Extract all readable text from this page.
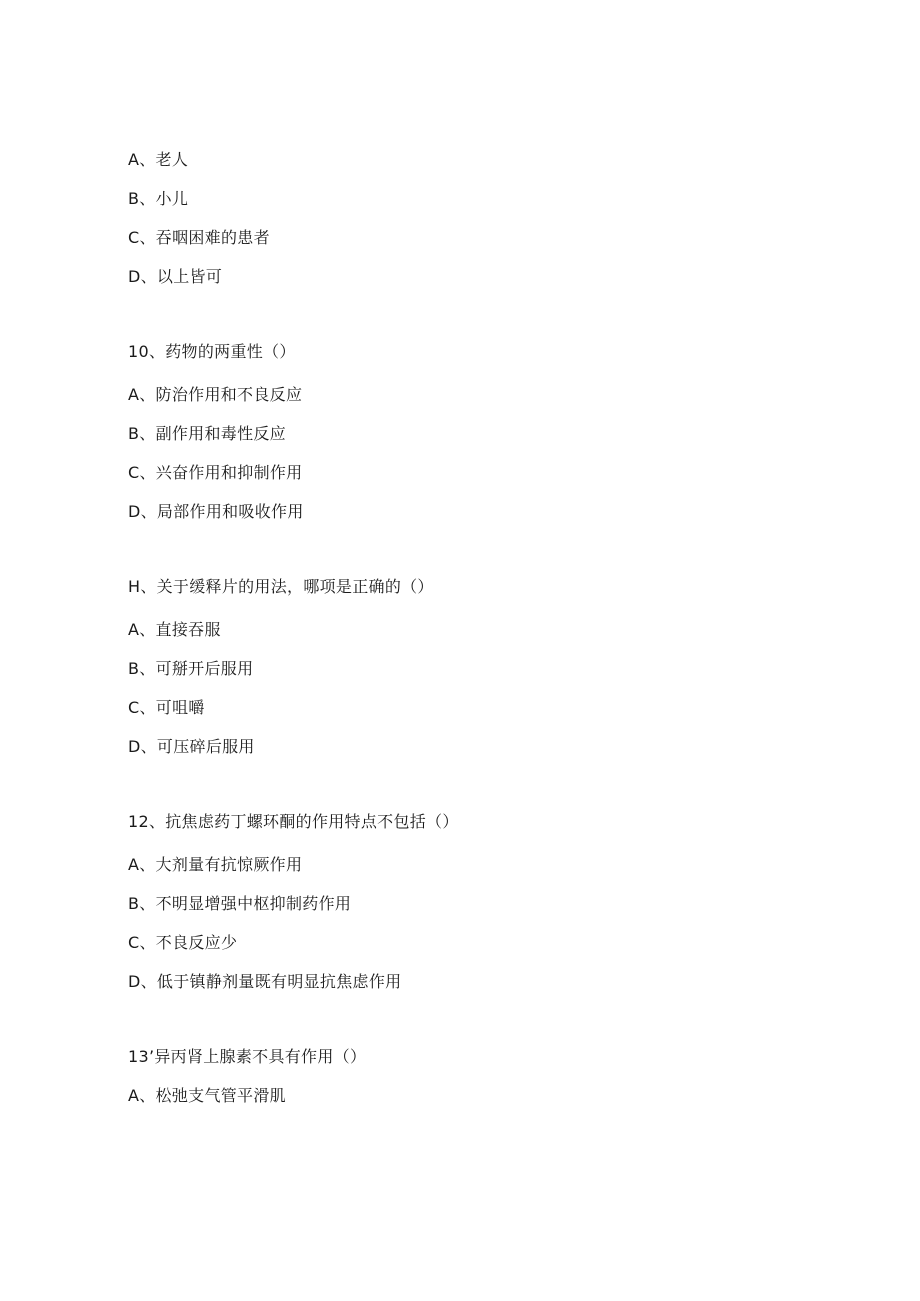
A、老人

B、小儿

C、吞咽困难的患者

D、以上皆可

10、药物的两重性（）

A、防治作用和不良反应

B、副作用和毒性反应

C、兴奋作用和抑制作用

D、局部作用和吸收作用

H、关于缓释片的用法，哪项是正确的（）

A、直接吞服

B、可掰开后服用

C、可咀嚼

D、可压碎后服用

12、抗焦虑药丁螺环酮的作用特点不包括（）

A、大剂量有抗惊厥作用

B、不明显增强中枢抑制药作用

C、不良反应少

D、低于镇静剂量既有明显抗焦虑作用

13’异丙肾上腺素不具有作用（）

A、松弛支气管平滑肌
